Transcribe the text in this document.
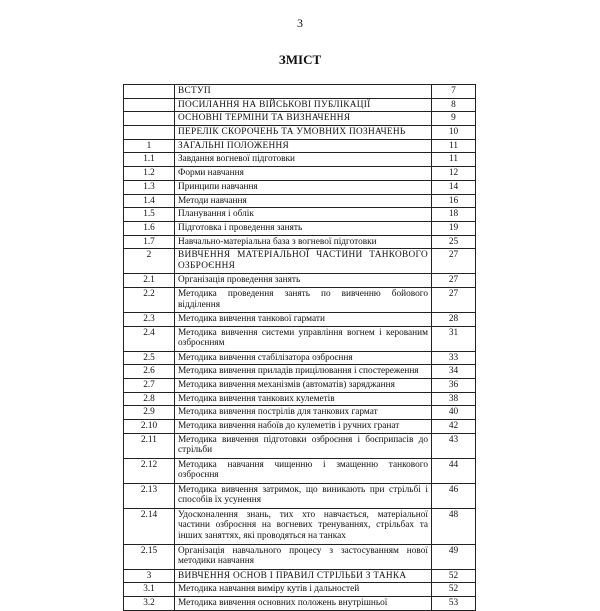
3
ЗМІСТ
	ВСТУП	7
	ПОСИЛАННЯ НА ВІЙСЬКОВІ ПУБЛІКАЦІЇ	8
	ОСНОВНІ ТЕРМІНИ ТА ВИЗНАЧЕННЯ	9
	ПЕРЕЛІК СКОРОЧЕНЬ ТА УМОВНИХ ПОЗНАЧЕНЬ	10
1	ЗАГАЛЬНІ ПОЛОЖЕННЯ	11
1.1	Завдання вогневої підготовки	11
1.2	Форми навчання	12
1.3	Принципи навчання	14
1.4	Методи навчання	16
1.5	Планування і облік	18
1.6	Підготовка і проведення занять	19
1.7	Навчально-матеріальна база з вогневої підготовки	25
2	ВИВЧЕННЯ МАТЕРІАЛЬНОЇ ЧАСТИНИ ТАНКОВОГО ОЗБРОЄННЯ	27
2.1	Організація проведення занять	27
2.2	Методика проведення занять по вивченню бойового відділення	27
2.3	Методика вивчення танкової гармати	28
2.4	Методика вивчення системи управління вогнем і керованим озброєнням	31
2.5	Методика вивчення стабілізатора озброєння	33
2.6	Методика вивчення приладів прицілювання і спостереження	34
2.7	Методика вивчення механізмів (автоматів) заряджання	36
2.8	Методика вивчення танкових кулеметів	38
2.9	Методика вивчення пострілів для танкових гармат	40
2.10	Методика вивчення набоїв до кулеметів і ручних гранат	42
2.11	Методика вивчення підготовки озброєння і боєприпасів до стрільби	43
2.12	Методика навчання чищенню і змащенню танкового озброєння	44
2.13	Методика вивчення затримок, що виникають при стрільбі і способів їх усунення	46
2.14	Удосконалення знань, тих хто навчається, матеріальної частини озброєння на вогневих тренуваннях, стрільбах та інших заняттях, які проводяться на танках	48
2.15	Організація навчального процесу з застосуванням нової методики навчання	49
3	ВИВЧЕННЯ ОСНОВ І ПРАВИЛ СТРІЛЬБИ З ТАНКА	52
3.1	Методика навчання виміру кутів і дальностей	52
3.2	Методика вивчення основних положень внутрішньої	53
